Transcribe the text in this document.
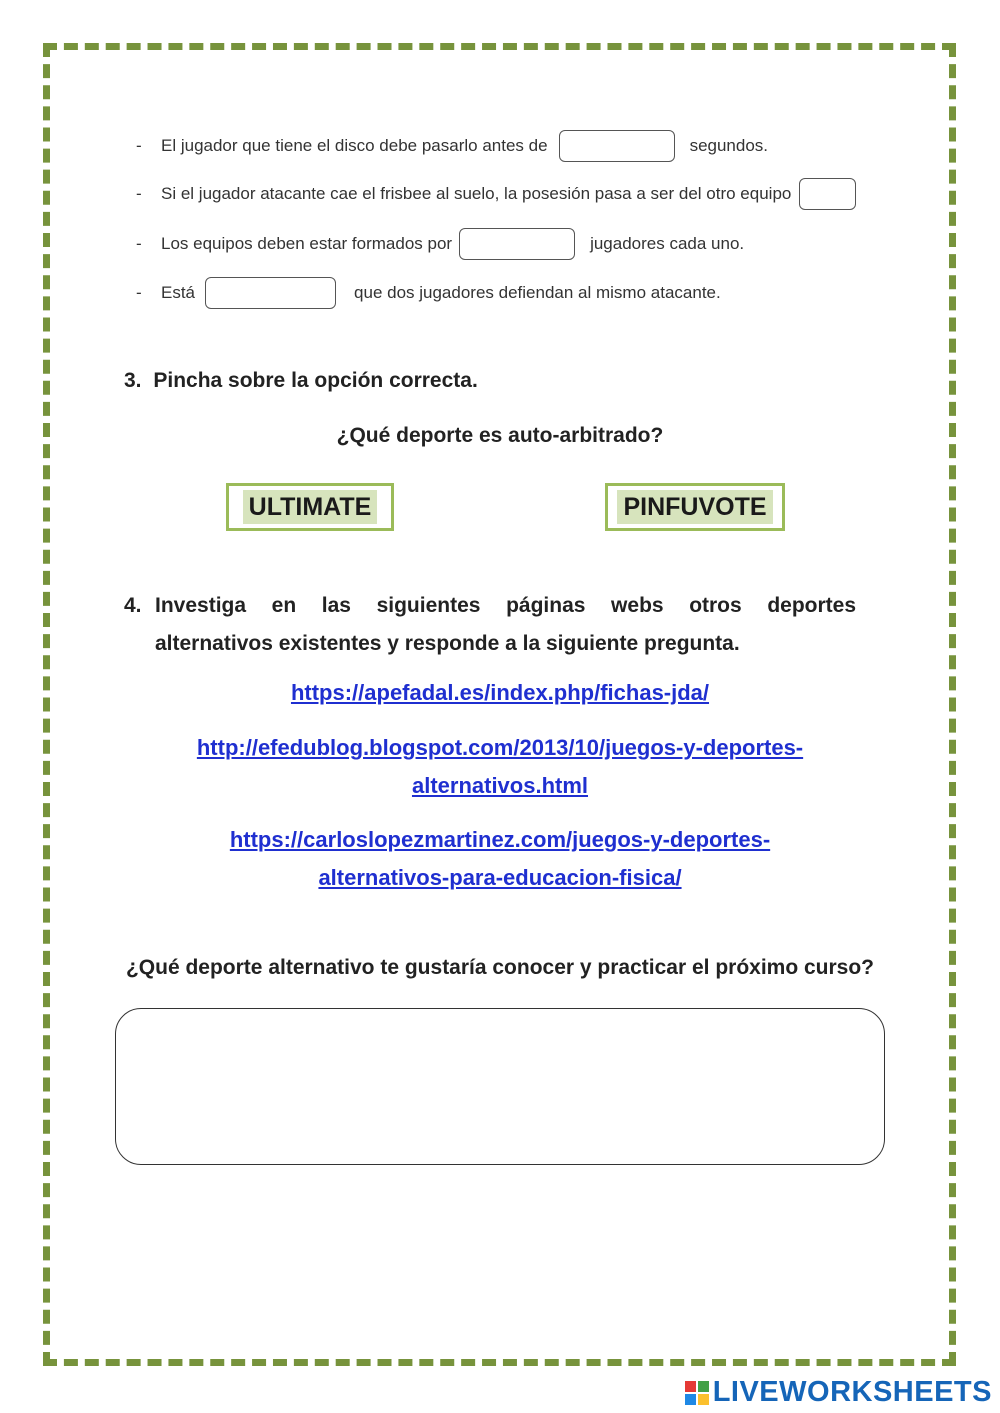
-	El jugador que tiene el disco debe pasarlo antes de	segundos.
-	Si el jugador atacante cae el frisbee al suelo, la posesión pasa a ser del otro equipo
-	Los equipos deben estar formados por	jugadores cada uno.
-	Está	que dos jugadores defiendan al mismo atacante.
3. Pincha sobre la opción correcta.
¿Qué deporte es auto-arbitrado?
ULTIMATE	PINFUVOTE
4. Investiga en las siguientes páginas webs otros deportes
alternativos existentes y responde a la siguiente pregunta.
https://apefadal.es/index.php/fichas-jda/
http://efedublog.blogspot.com/2013/10/juegos-y-deportes-
alternativos.html
https://carloslopezmartinez.com/juegos-y-deportes-
alternativos-para-educacion-fisica/
¿Qué deporte alternativo te gustaría conocer y practicar el próximo curso?
LIVEWORKSHEETS
